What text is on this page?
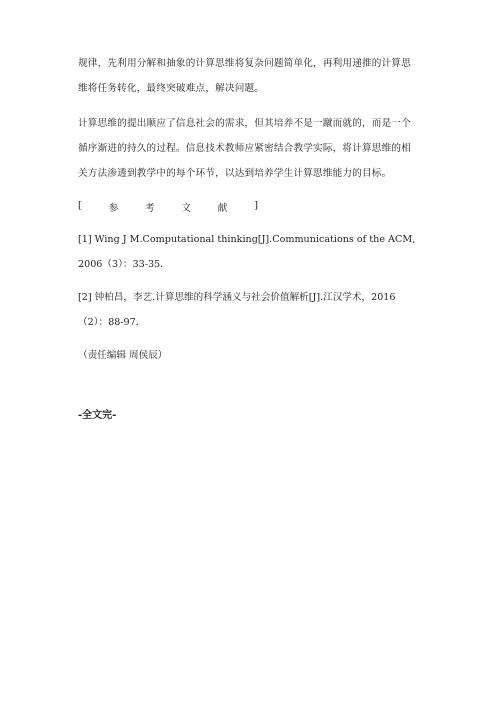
规律，先利用分解和抽象的计算思维将复杂问题简单化，再利用递推的计算思
维将任务转化，最终突破难点，解决问题。
计算思维的提出顺应了信息社会的需求，但其培养不是一蹴而就的，而是一个
循序渐进的持久的过程。信息技术教师应紧密结合教学实际，将计算思维的相
关方法渗透到教学中的每个环节，以达到培养学生计算思维能力的目标。
[	参	考	文	献	]
[1] Wing J M.Computational thinking[J].Communications of the ACM,
2006（3）：33-35.
[2] 钟柏昌，李艺.计算思维的科学涵义与社会价值解析[J].江汉学术，2016
（2）：88-97.
（责任编辑 周侯辰）
-全文完-
